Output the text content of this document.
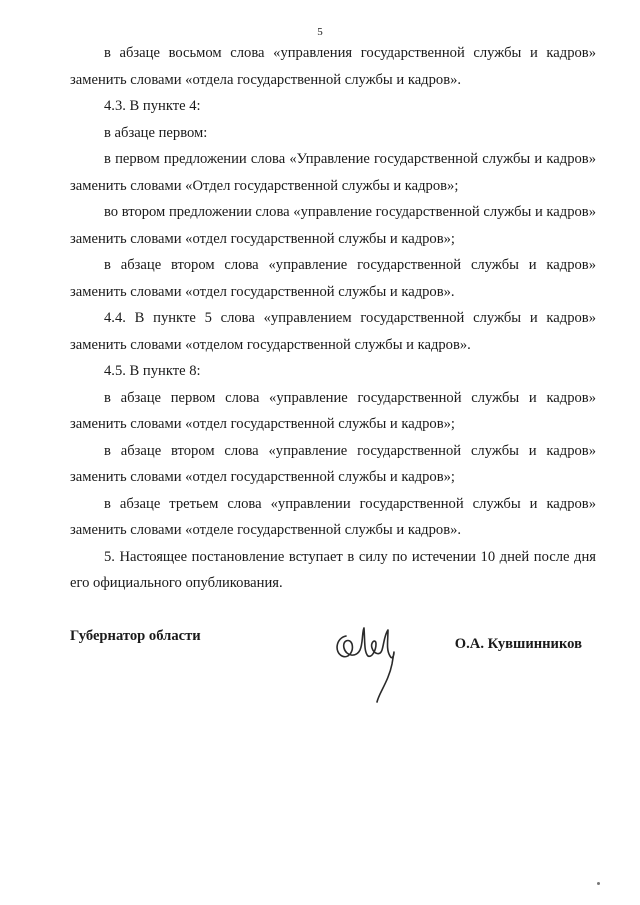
5

в абзаце восьмом слова «управления государственной службы и кадров» заменить словами «отдела государственной службы и кадров».

4.3. В пункте 4:

в абзаце первом:

в первом предложении слова «Управление государственной службы и кадров» заменить словами «Отдел государственной службы и кадров»;

во втором предложении слова «управление государственной службы и кадров» заменить словами «отдел государственной службы и кадров»;

в абзаце втором слова «управление государственной службы и кадров» заменить словами «отдел государственной службы и кадров».

4.4. В пункте 5 слова «управлением государственной службы и кадров» заменить словами «отделом государственной службы и кадров».

4.5. В пункте 8:

в абзаце первом слова «управление государственной службы и кадров» заменить словами «отдел государственной службы и кадров»;

в абзаце втором слова «управление государственной службы и кадров» заменить словами «отдел государственной службы и кадров»;

в абзаце третьем слова «управлении государственной службы и кадров» заменить словами «отделе государственной службы и кадров».

5. Настоящее постановление вступает в силу по истечении 10 дней после дня его официального опубликования.

Губернатор области	О.А. Кувшинников
